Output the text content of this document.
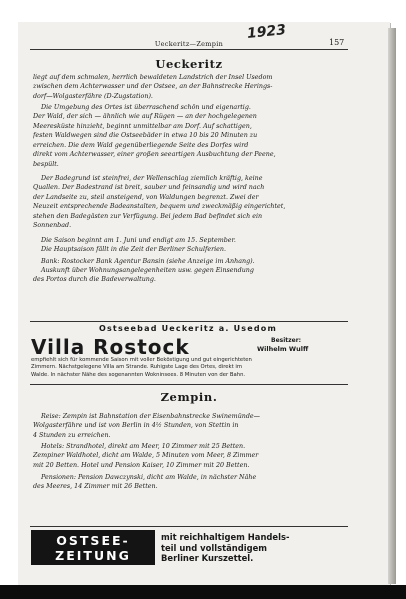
1923
Ueckeritz—Zempin	157
Ueckeritz
liegt auf dem schmalen, herrlich bewaldeten Landstrich der Insel Usedom
zwischen dem Achterwasser und der Ostsee, an der Bahnstrecke Herings-
dorf—Wolgasterfähre (D-Zugstation).
Die Umgebung des Ortes ist überraschend schön und eigenartig.
Der Wald, der sich — ähnlich wie auf Rügen — an der hochgelegenen
Meeresküste hinzieht, beginnt unmittelbar am Dorf. Auf schattigen,
festen Waldwegen sind die Ostseebäder in etwa 10 bis 20 Minuten zu
erreichen. Die dem Wald gegenüberliegende Seite des Dorfes wird
direkt vom Achterwasser, einer großen seeartigen Ausbuchtung der Peene,
bespült.
Der Badegrund ist steinfrei, der Wellenschlag ziemlich kräftig, keine
Quallen. Der Badestrand ist breit, sauber und feinsandig und wird nach
der Landseite zu, steil ansteigend, von Waldungen begrenzt. Zwei der
Neuzeit entsprechende Badeanstalten, bequem und zweckmäßig eingerichtet,
stehen den Badegästen zur Verfügung. Bei jedem Bad befindet sich ein
Sonnenbad.
Die Saison beginnt am 1. Juni und endigt am 15. September.
Die Hauptsaison fällt in die Zeit der Berliner Schulferien.
Bank: Rostocker Bank Agentur Bansin (siehe Anzeige im Anhang).
Auskunft über Wohnungsangelegenheiten usw. gegen Einsendung
des Portos durch die Badeverwaltung.
Ostseebad Ueckeritz a. Usedom
Villa Rostock	Besitzer:
Wilhelm Wulff
empfiehlt sich für kommende Saison mit voller Beköstigung und gut eingerichteten
Zimmern. Nächstgelegene Villa am Strande. Ruhigste Lage des Ortes, direkt im
Walde. In nächster Nähe des sogenannten Wokninsees. 8 Minuten von der Bahn.
Zempin.
Reise: Zempin ist Bahnstation der Eisenbahnstrecke Swinemünde—
Wolgasterfähre und ist von Berlin in 4½ Stunden, von Stettin in
4 Stunden zu erreichen.
Hotels: Strandhotel, direkt am Meer, 10 Zimmer mit 25 Betten.
Zempiner Waldhotel, dicht am Walde, 5 Minuten vom Meer, 8 Zimmer
mit 20 Betten. Hotel und Pension Kaiser, 10 Zimmer mit 20 Betten.
Pensionen: Pension Dawczynski, dicht am Walde, in nächster Nähe
des Meeres, 14 Zimmer mit 26 Betten.
OSTSEE-
ZEITUNG
mit reichhaltigem Handels-
teil und vollständigem
Berliner Kurszettel.
